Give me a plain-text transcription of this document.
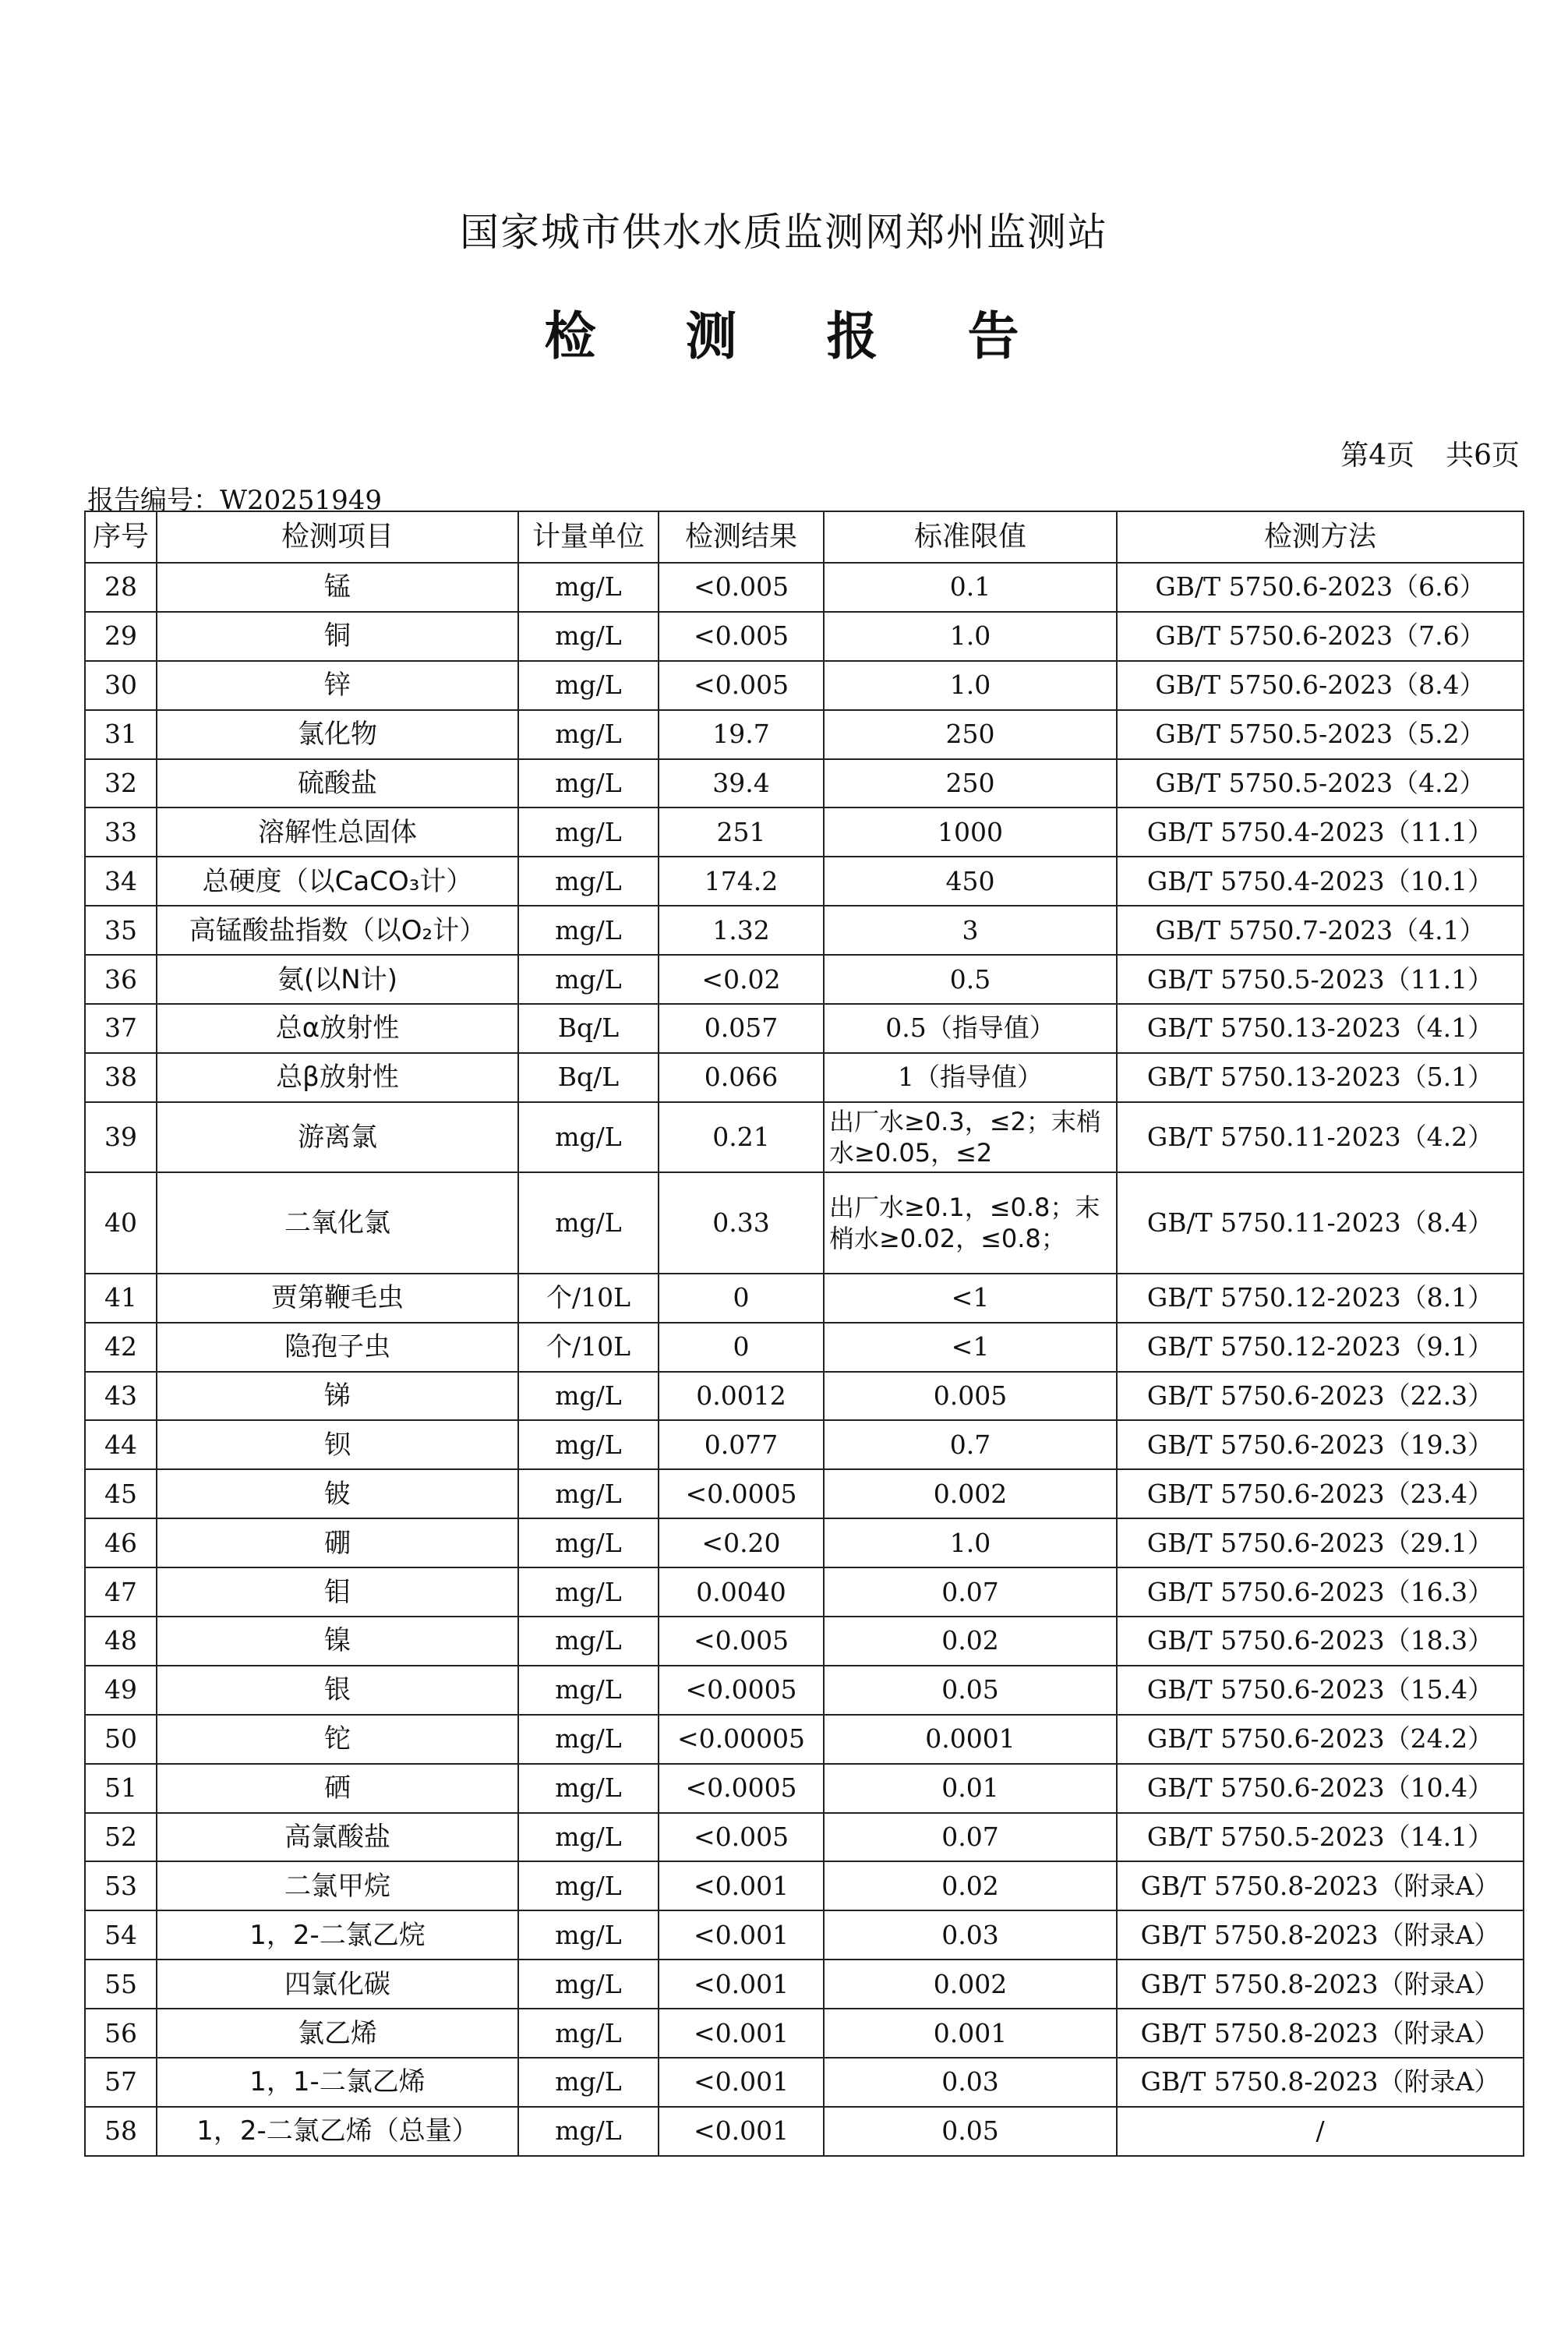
国家城市供水水质监测网郑州监测站
检 测 报 告
第4页 共6页
报告编号：W20251949
序号	检测项目	计量单位	检测结果	标准限值	检测方法
28	锰	mg/L	<0.005	0.1	GB/T 5750.6-2023（6.6）
29	铜	mg/L	<0.005	1.0	GB/T 5750.6-2023（7.6）
30	锌	mg/L	<0.005	1.0	GB/T 5750.6-2023（8.4）
31	氯化物	mg/L	19.7	250	GB/T 5750.5-2023（5.2）
32	硫酸盐	mg/L	39.4	250	GB/T 5750.5-2023（4.2）
33	溶解性总固体	mg/L	251	1000	GB/T 5750.4-2023（11.1）
34	总硬度（以CaCO₃计）	mg/L	174.2	450	GB/T 5750.4-2023（10.1）
35	高锰酸盐指数（以O₂计）	mg/L	1.32	3	GB/T 5750.7-2023（4.1）
36	氨(以N计)	mg/L	<0.02	0.5	GB/T 5750.5-2023（11.1）
37	总α放射性	Bq/L	0.057	0.5（指导值）	GB/T 5750.13-2023（4.1）
38	总β放射性	Bq/L	0.066	1（指导值）	GB/T 5750.13-2023（5.1）
39	游离氯	mg/L	0.21	出厂水≥0.3，≤2；末梢水≥0.05，≤2	GB/T 5750.11-2023（4.2）
40	二氧化氯	mg/L	0.33	出厂水≥0.1，≤0.8；末梢水≥0.02，≤0.8；	GB/T 5750.11-2023（8.4）
41	贾第鞭毛虫	个/10L	0	<1	GB/T 5750.12-2023（8.1）
42	隐孢子虫	个/10L	0	<1	GB/T 5750.12-2023（9.1）
43	锑	mg/L	0.0012	0.005	GB/T 5750.6-2023（22.3）
44	钡	mg/L	0.077	0.7	GB/T 5750.6-2023（19.3）
45	铍	mg/L	<0.0005	0.002	GB/T 5750.6-2023（23.4）
46	硼	mg/L	<0.20	1.0	GB/T 5750.6-2023（29.1）
47	钼	mg/L	0.0040	0.07	GB/T 5750.6-2023（16.3）
48	镍	mg/L	<0.005	0.02	GB/T 5750.6-2023（18.3）
49	银	mg/L	<0.0005	0.05	GB/T 5750.6-2023（15.4）
50	铊	mg/L	<0.00005	0.0001	GB/T 5750.6-2023（24.2）
51	硒	mg/L	<0.0005	0.01	GB/T 5750.6-2023（10.4）
52	高氯酸盐	mg/L	<0.005	0.07	GB/T 5750.5-2023（14.1）
53	二氯甲烷	mg/L	<0.001	0.02	GB/T 5750.8-2023（附录A）
54	1，2-二氯乙烷	mg/L	<0.001	0.03	GB/T 5750.8-2023（附录A）
55	四氯化碳	mg/L	<0.001	0.002	GB/T 5750.8-2023（附录A）
56	氯乙烯	mg/L	<0.001	0.001	GB/T 5750.8-2023（附录A）
57	1，1-二氯乙烯	mg/L	<0.001	0.03	GB/T 5750.8-2023（附录A）
58	1，2-二氯乙烯（总量）	mg/L	<0.001	0.05	/
